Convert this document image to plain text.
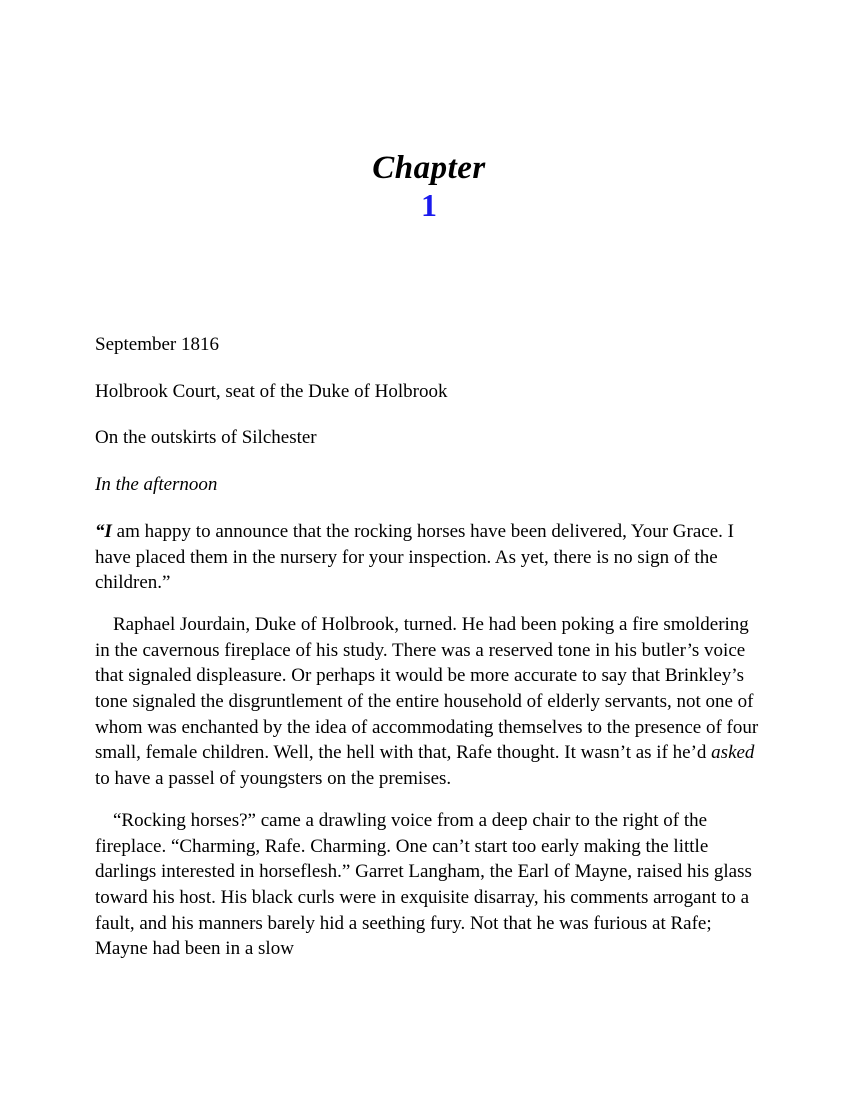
Chapter
1

September 1816

Holbrook Court, seat of the Duke of Holbrook

On the outskirts of Silchester

In the afternoon

“I am happy to announce that the rocking horses have been delivered, Your Grace. I have placed them in the nursery for your inspection. As yet, there is no sign of the children.”

Raphael Jourdain, Duke of Holbrook, turned. He had been poking a fire smoldering in the cavernous fireplace of his study. There was a reserved tone in his butler’s voice that signaled displeasure. Or perhaps it would be more accurate to say that Brinkley’s tone signaled the disgruntlement of the entire household of elderly servants, not one of whom was enchanted by the idea of accommodating themselves to the presence of four small, female children. Well, the hell with that, Rafe thought. It wasn’t as if he’d asked to have a passel of youngsters on the premises.

“Rocking horses?” came a drawling voice from a deep chair to the right of the fireplace. “Charming, Rafe. Charming. One can’t start too early making the little darlings interested in horseflesh.” Garret Langham, the Earl of Mayne, raised his glass toward his host. His black curls were in exquisite disarray, his comments arrogant to a fault, and his manners barely hid a seething fury. Not that he was furious at Rafe; Mayne had been in a slow
